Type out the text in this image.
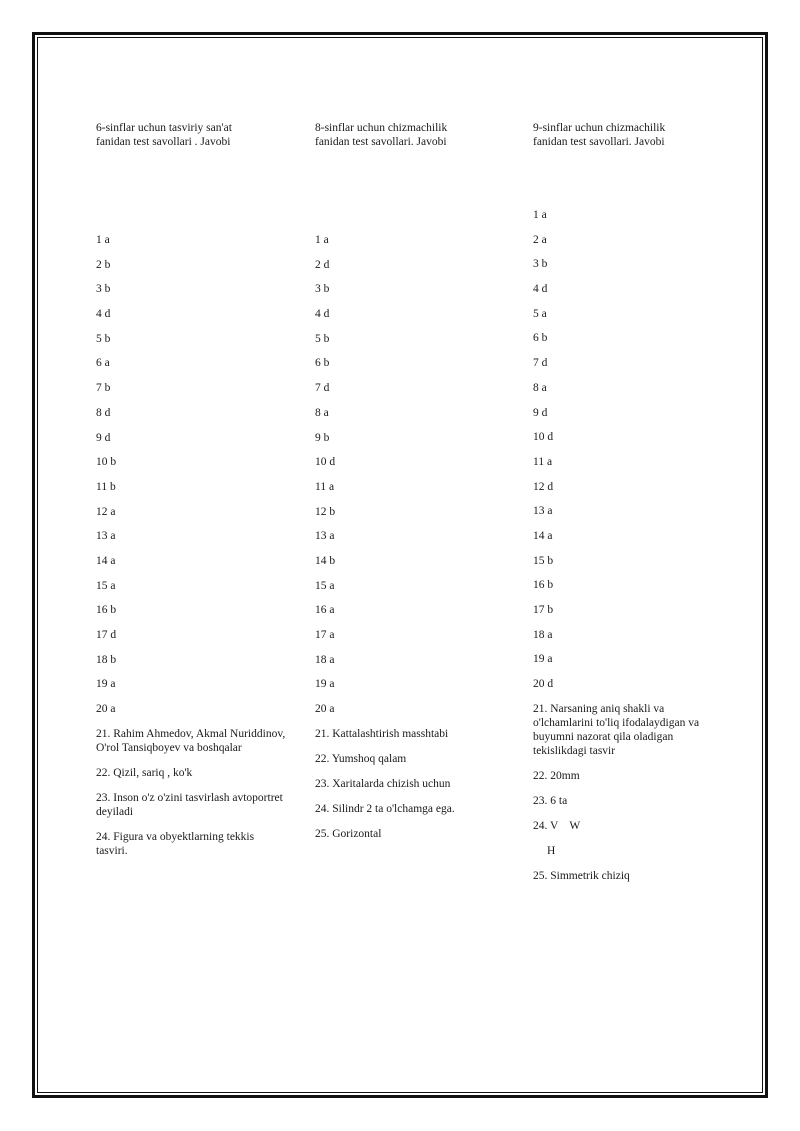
6-sinflar uchun tasviriy san'at
fanidan test savollari . Javobi
1 a
2 b
3 b
4 d
5 b
6 a
7 b
8 d
9 d
10 b
11 b
12 a
13 a
14 a
15 a
16 b
17 d
18 b
19 a
20 a
21. Rahim Ahmedov, Akmal Nuriddinov, O'rol Tansiqboyev va boshqalar
22. Qizil, sariq , ko'k
23. Inson o'z o'zini tasvirlash avtoportret deyiladi
24. Figura va obyektlarning tekkis tasviri.
8-sinflar uchun chizmachilik
fanidan test savollari. Javobi
1 a
2 d
3 b
4 d
5 b
6 b
7 d
8 a
9 b
10 d
11 a
12 b
13 a
14 b
15 a
16 a
17 a
18 a
19 a
20 a
21. Kattalashtirish masshtabi
22. Yumshoq qalam
23. Xaritalarda chizish uchun
24. Silindr 2 ta o'lchamga ega.
25. Gorizontal
9-sinflar uchun chizmachilik
fanidan test savollari. Javobi
1 a
2 a
3 b
4 d
5 a
6 b
7 d
8 a
9 d
10 d
11 a
12 d
13 a
14 a
15 b
16 b
17 b
18 a
19 a
20 d
21. Narsaning aniq shakli va o'lchamlarini to'liq ifodalaydigan va buyumni nazorat qila oladigan tekislikdagi tasvir
22. 20mm
23. 6 ta
24. V    W
H
25. Simmetrik chiziq
